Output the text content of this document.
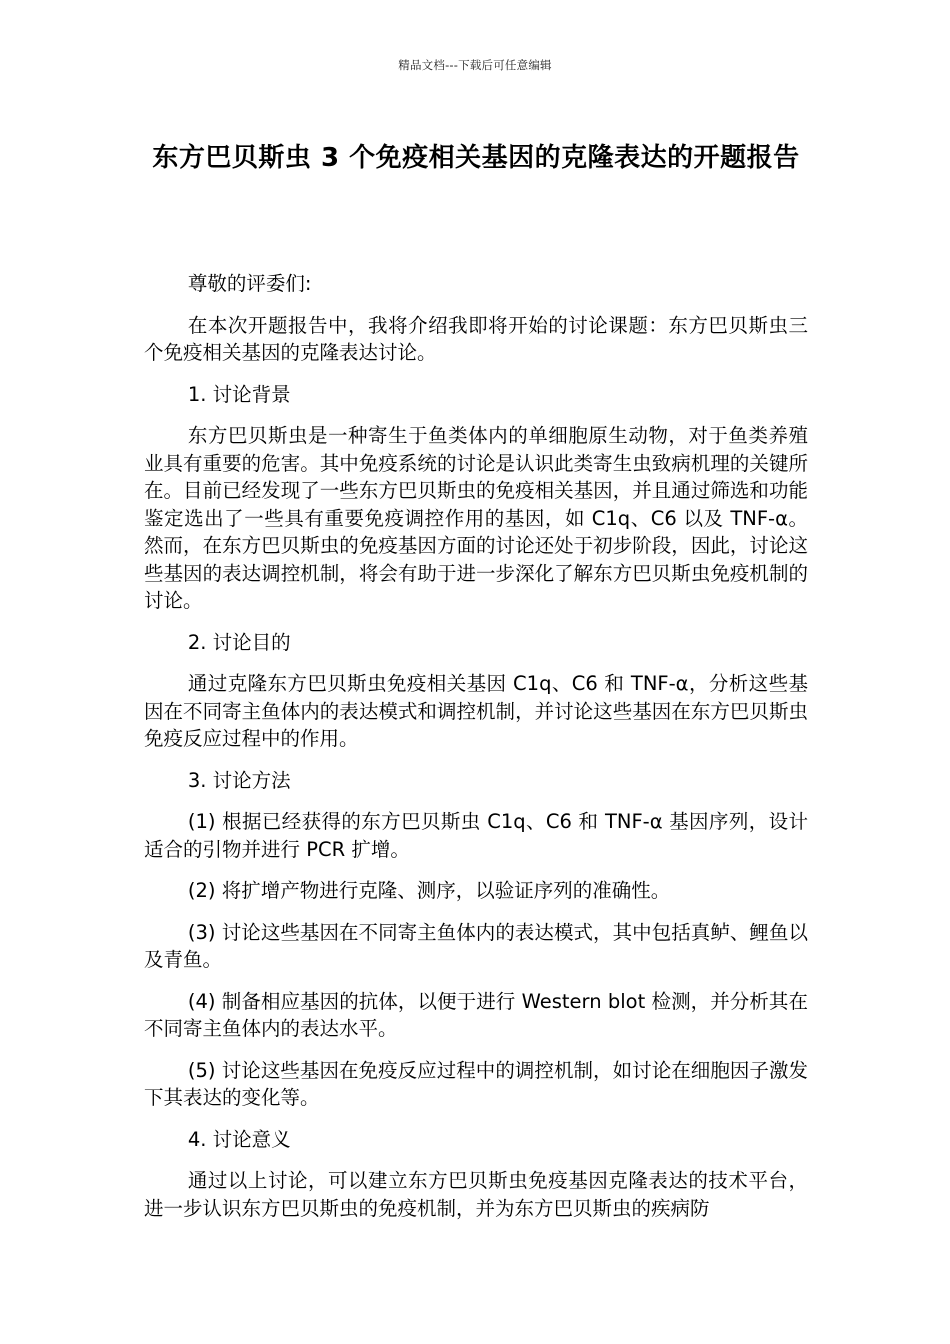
精品文档---下载后可任意编辑
东方巴贝斯虫 3 个免疫相关基因的克隆表达的开题报告

尊敬的评委们:

在本次开题报告中，我将介绍我即将开始的讨论课题：东方巴贝斯虫三个免疫相关基因的克隆表达讨论。

1. 讨论背景

东方巴贝斯虫是一种寄生于鱼类体内的单细胞原生动物，对于鱼类养殖业具有重要的危害。其中免疫系统的讨论是认识此类寄生虫致病机理的关键所在。目前已经发现了一些东方巴贝斯虫的免疫相关基因，并且通过筛选和功能鉴定选出了一些具有重要免疫调控作用的基因，如 C1q、C6 以及 TNF-α。然而，在东方巴贝斯虫的免疫基因方面的讨论还处于初步阶段，因此，讨论这些基因的表达调控机制，将会有助于进一步深化了解东方巴贝斯虫免疫机制的讨论。

2. 讨论目的

通过克隆东方巴贝斯虫免疫相关基因 C1q、C6 和 TNF-α，分析这些基因在不同寄主鱼体内的表达模式和调控机制，并讨论这些基因在东方巴贝斯虫免疫反应过程中的作用。

3. 讨论方法

(1) 根据已经获得的东方巴贝斯虫 C1q、C6 和 TNF-α 基因序列，设计适合的引物并进行 PCR 扩增。

(2) 将扩增产物进行克隆、测序，以验证序列的准确性。

(3) 讨论这些基因在不同寄主鱼体内的表达模式，其中包括真鲈、鲤鱼以及青鱼。

(4) 制备相应基因的抗体，以便于进行 Western blot 检测，并分析其在不同寄主鱼体内的表达水平。

(5) 讨论这些基因在免疫反应过程中的调控机制，如讨论在细胞因子激发下其表达的变化等。

4. 讨论意义

通过以上讨论，可以建立东方巴贝斯虫免疫基因克隆表达的技术平台，进一步认识东方巴贝斯虫的免疫机制，并为东方巴贝斯虫的疾病防
